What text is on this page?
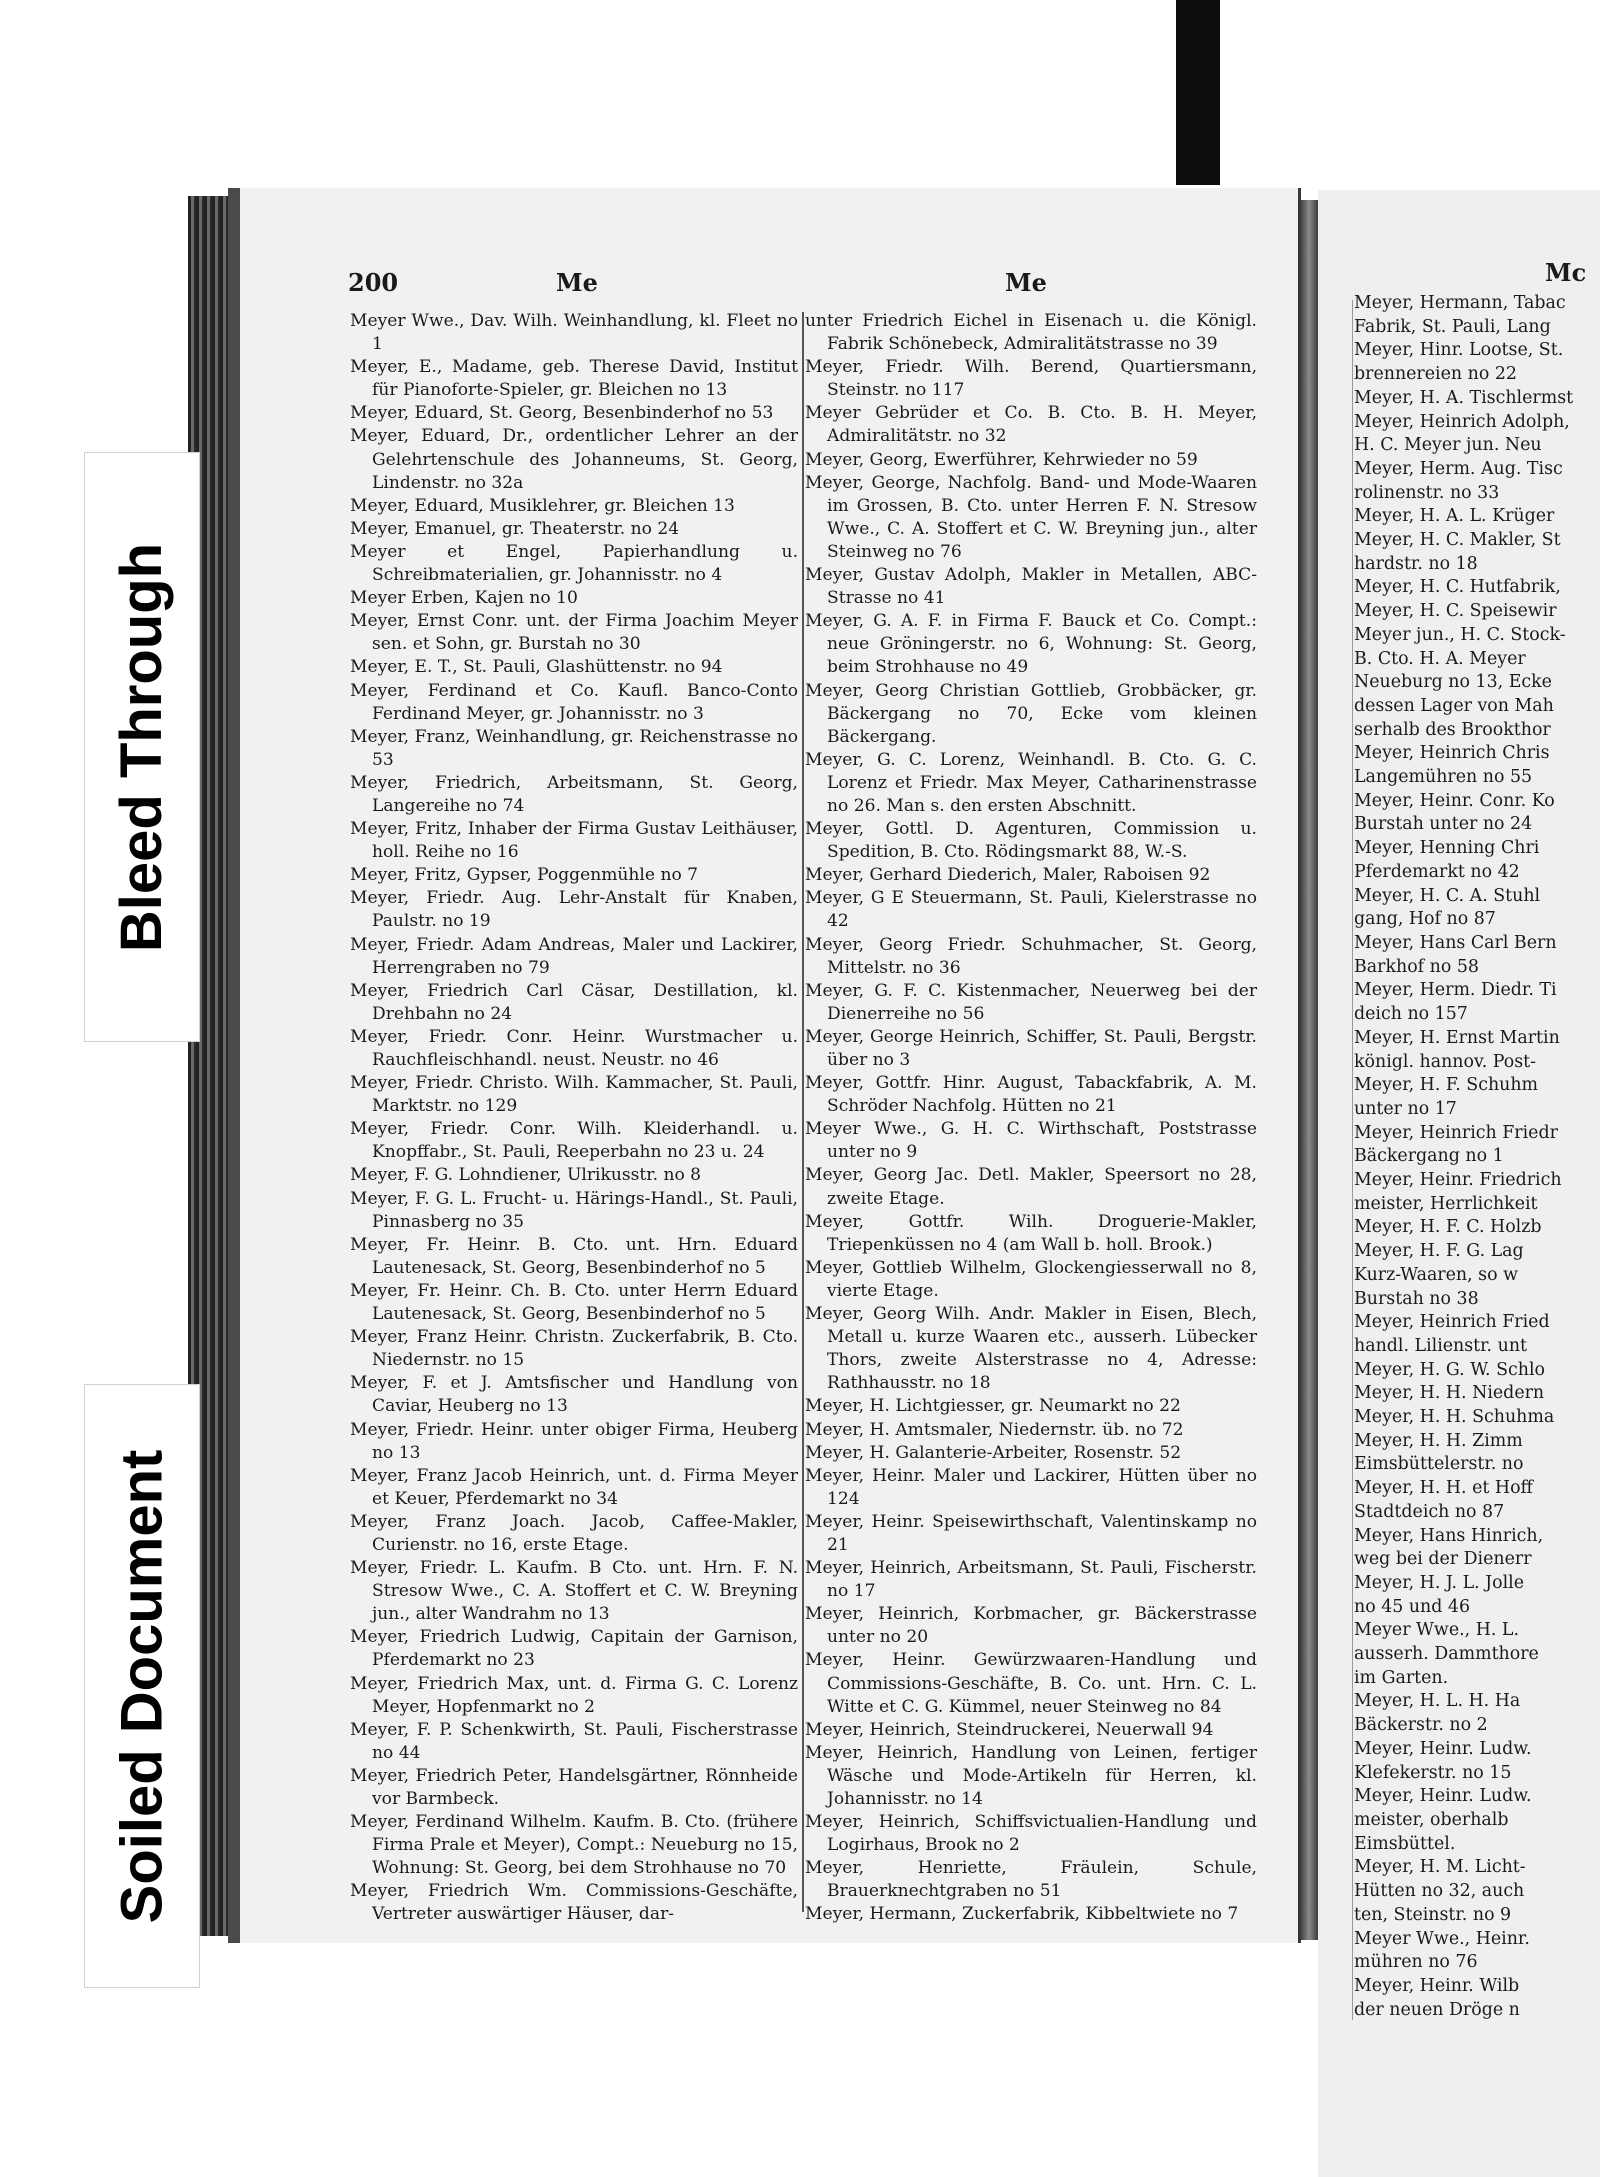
Bleed Through
Soiled Document
200	Me	Me	Mc

Meyer Wwe., Dav. Wilh. Weinhandlung, kl. Fleet no 1

Meyer, E., Madame, geb. Therese David, Institut für Pianoforte-Spieler, gr. Bleichen no 13

Meyer, Eduard, St. Georg, Besenbinderhof no 53

Meyer, Eduard, Dr., ordentlicher Lehrer an der Gelehrtenschule des Johanneums, St. Georg, Lindenstr. no 32a

Meyer, Eduard, Musiklehrer, gr. Bleichen 13

Meyer, Emanuel, gr. Theaterstr. no 24

Meyer et Engel, Papierhandlung u. Schreibmaterialien, gr. Johannisstr. no 4

Meyer Erben, Kajen no 10

Meyer, Ernst Conr. unt. der Firma Joachim Meyer sen. et Sohn, gr. Burstah no 30

Meyer, E. T., St. Pauli, Glashüttenstr. no 94

Meyer, Ferdinand et Co. Kaufl. Banco-Conto Ferdinand Meyer, gr. Johannisstr. no 3

Meyer, Franz, Weinhandlung, gr. Reichenstrasse no 53

Meyer, Friedrich, Arbeitsmann, St. Georg, Langereihe no 74

Meyer, Fritz, Inhaber der Firma Gustav Leithäuser, holl. Reihe no 16

Meyer, Fritz, Gypser, Poggenmühle no 7

Meyer, Friedr. Aug. Lehr-Anstalt für Knaben, Paulstr. no 19

Meyer, Friedr. Adam Andreas, Maler und Lackirer, Herrengraben no 79

Meyer, Friedrich Carl Cäsar, Destillation, kl. Drehbahn no 24

Meyer, Friedr. Conr. Heinr. Wurstmacher u. Rauchfleischhandl. neust. Neustr. no 46

Meyer, Friedr. Christo. Wilh. Kammacher, St. Pauli, Marktstr. no 129

Meyer, Friedr. Conr. Wilh. Kleiderhandl. u. Knopffabr., St. Pauli, Reeperbahn no 23 u. 24

Meyer, F. G. Lohndiener, Ulrikusstr. no 8

Meyer, F. G. L. Frucht- u. Härings-Handl., St. Pauli, Pinnasberg no 35

Meyer, Fr. Heinr. B. Cto. unt. Hrn. Eduard Lautenesack, St. Georg, Besenbinderhof no 5

Meyer, Fr. Heinr. Ch. B. Cto. unter Herrn Eduard Lautenesack, St. Georg, Besenbinderhof no 5

Meyer, Franz Heinr. Christn. Zuckerfabrik, B. Cto. Niedernstr. no 15

Meyer, F. et J. Amtsfischer und Handlung von Caviar, Heuberg no 13

Meyer, Friedr. Heinr. unter obiger Firma, Heuberg no 13

Meyer, Franz Jacob Heinrich, unt. d. Firma Meyer et Keuer, Pferdemarkt no 34

Meyer, Franz Joach. Jacob, Caffee-Makler, Curienstr. no 16, erste Etage.

Meyer, Friedr. L. Kaufm. B Cto. unt. Hrn. F. N. Stresow Wwe., C. A. Stoffert et C. W. Breyning jun., alter Wandrahm no 13

Meyer, Friedrich Ludwig, Capitain der Garnison, Pferdemarkt no 23

Meyer, Friedrich Max, unt. d. Firma G. C. Lorenz Meyer, Hopfenmarkt no 2

Meyer, F. P. Schenkwirth, St. Pauli, Fischerstrasse no 44

Meyer, Friedrich Peter, Handelsgärtner, Rönnheide vor Barmbeck.

Meyer, Ferdinand Wilhelm. Kaufm. B. Cto. (frühere Firma Prale et Meyer), Compt.: Neueburg no 15, Wohnung: St. Georg, bei dem Strohhause no 70

Meyer, Friedrich Wm. Commissions-Geschäfte, Vertreter auswärtiger Häuser, dar-

unter Friedrich Eichel in Eisenach u. die Königl. Fabrik Schönebeck, Admiralitätstrasse no 39

Meyer, Friedr. Wilh. Berend, Quartiersmann, Steinstr. no 117

Meyer Gebrüder et Co. B. Cto. B. H. Meyer, Admiralitätstr. no 32

Meyer, Georg, Ewerführer, Kehrwieder no 59

Meyer, George, Nachfolg. Band- und Mode-Waaren im Grossen, B. Cto. unter Herren F. N. Stresow Wwe., C. A. Stoffert et C. W. Breyning jun., alter Steinweg no 76

Meyer, Gustav Adolph, Makler in Metallen, ABC-Strasse no 41

Meyer, G. A. F. in Firma F. Bauck et Co. Compt.: neue Gröningerstr. no 6, Wohnung: St. Georg, beim Strohhause no 49

Meyer, Georg Christian Gottlieb, Grobbäcker, gr. Bäckergang no 70, Ecke vom kleinen Bäckergang.

Meyer, G. C. Lorenz, Weinhandl. B. Cto. G. C. Lorenz et Friedr. Max Meyer, Catharinenstrasse no 26. Man s. den ersten Abschnitt.

Meyer, Gottl. D. Agenturen, Commission u. Spedition, B. Cto. Rödingsmarkt 88, W.-S.

Meyer, Gerhard Diederich, Maler, Raboisen 92

Meyer, G E Steuermann, St. Pauli, Kielerstrasse no 42

Meyer, Georg Friedr. Schuhmacher, St. Georg, Mittelstr. no 36

Meyer, G. F. C. Kistenmacher, Neuerweg bei der Dienerreihe no 56

Meyer, George Heinrich, Schiffer, St. Pauli, Bergstr. über no 3

Meyer, Gottfr. Hinr. August, Tabackfabrik, A. M. Schröder Nachfolg. Hütten no 21

Meyer Wwe., G. H. C. Wirthschaft, Poststrasse unter no 9

Meyer, Georg Jac. Detl. Makler, Speersort no 28, zweite Etage.

Meyer, Gottfr. Wilh. Droguerie-Makler, Triepenküssen no 4 (am Wall b. holl. Brook.)

Meyer, Gottlieb Wilhelm, Glockengiesserwall no 8, vierte Etage.

Meyer, Georg Wilh. Andr. Makler in Eisen, Blech, Metall u. kurze Waaren etc., ausserh. Lübecker Thors, zweite Alsterstrasse no 4, Adresse: Rathhausstr. no 18

Meyer, H. Lichtgiesser, gr. Neumarkt no 22

Meyer, H. Amtsmaler, Niedernstr. üb. no 72

Meyer, H. Galanterie-Arbeiter, Rosenstr. 52

Meyer, Heinr. Maler und Lackirer, Hütten über no 124

Meyer, Heinr. Speisewirthschaft, Valentinskamp no 21

Meyer, Heinrich, Arbeitsmann, St. Pauli, Fischerstr. no 17

Meyer, Heinrich, Korbmacher, gr. Bäckerstrasse unter no 20

Meyer, Heinr. Gewürzwaaren-Handlung und Commissions-Geschäfte, B. Co. unt. Hrn. C. L. Witte et C. G. Kümmel, neuer Steinweg no 84

Meyer, Heinrich, Steindruckerei, Neuerwall 94

Meyer, Heinrich, Handlung von Leinen, fertiger Wäsche und Mode-Artikeln für Herren, kl. Johannisstr. no 14

Meyer, Heinrich, Schiffsvictualien-Handlung und Logirhaus, Brook no 2

Meyer, Henriette, Fräulein, Schule, Brauerknechtgraben no 51

Meyer, Hermann, Zuckerfabrik, Kibbeltwiete no 7

Meyer, Hermann, Tabac

Fabrik, St. Pauli, Lang

Meyer, Hinr. Lootse, St.

brennereien no 22

Meyer, H. A. Tischlermst

Meyer, Heinrich Adolph,

H. C. Meyer jun. Neu

Meyer, Herm. Aug. Tisc

rolinenstr. no 33

Meyer, H. A. L. Krüger

Meyer, H. C. Makler, St

hardstr. no 18

Meyer, H. C. Hutfabrik,

Meyer, H. C. Speisewir

Meyer jun., H. C. Stock-

B. Cto. H. A. Meyer

Neueburg no 13, Ecke

dessen Lager von Mah

serhalb des Brookthor

Meyer, Heinrich Chris

Langemühren no 55

Meyer, Heinr. Conr. Ko

Burstah unter no 24

Meyer, Henning Chri

Pferdemarkt no 42

Meyer, H. C. A. Stuhl

gang, Hof no 87

Meyer, Hans Carl Bern

Barkhof no 58

Meyer, Herm. Diedr. Ti

deich no 157

Meyer, H. Ernst Martin

königl. hannov. Post-

Meyer, H. F. Schuhm

unter no 17

Meyer, Heinrich Friedr

Bäckergang no 1

Meyer, Heinr. Friedrich

meister, Herrlichkeit

Meyer, H. F. C. Holzb

Meyer, H. F. G. Lag

Kurz-Waaren, so w

Burstah no 38

Meyer, Heinrich Fried

handl. Lilienstr. unt

Meyer, H. G. W. Schlo

Meyer, H. H. Niedern

Meyer, H. H. Schuhma

Meyer, H. H. Zimm

Eimsbüttelerstr. no

Meyer, H. H. et Hoff

Stadtdeich no 87

Meyer, Hans Hinrich,

weg bei der Dienerr

Meyer, H. J. L. Jolle

no 45 und 46

Meyer Wwe., H. L.

ausserh. Dammthore

im Garten.

Meyer, H. L. H. Ha

Bäckerstr. no 2

Meyer, Heinr. Ludw.

Klefekerstr. no 15

Meyer, Heinr. Ludw.

meister, oberhalb

Eimsbüttel.

Meyer, H. M. Licht-

Hütten no 32, auch

ten, Steinstr. no 9

Meyer Wwe., Heinr.

mühren no 76

Meyer, Heinr. Wilb

der neuen Dröge n
